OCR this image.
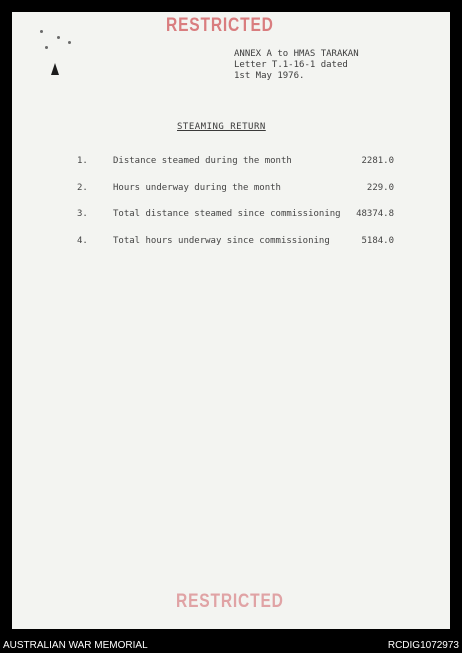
RESTRICTED
ANNEX A to HMAS TARAKAN
Letter T.1-16-1 dated
1st May 1976.
STEAMING RETURN
1.	Distance steamed during the month	2281.0
2.	Hours underway during the month	229.0
3.	Total distance steamed since commissioning 48374.8
4.	Total hours underway since commissioning	5184.0
RESTRICTED
AUSTRALIAN WAR MEMORIAL	RCDIG1072973
